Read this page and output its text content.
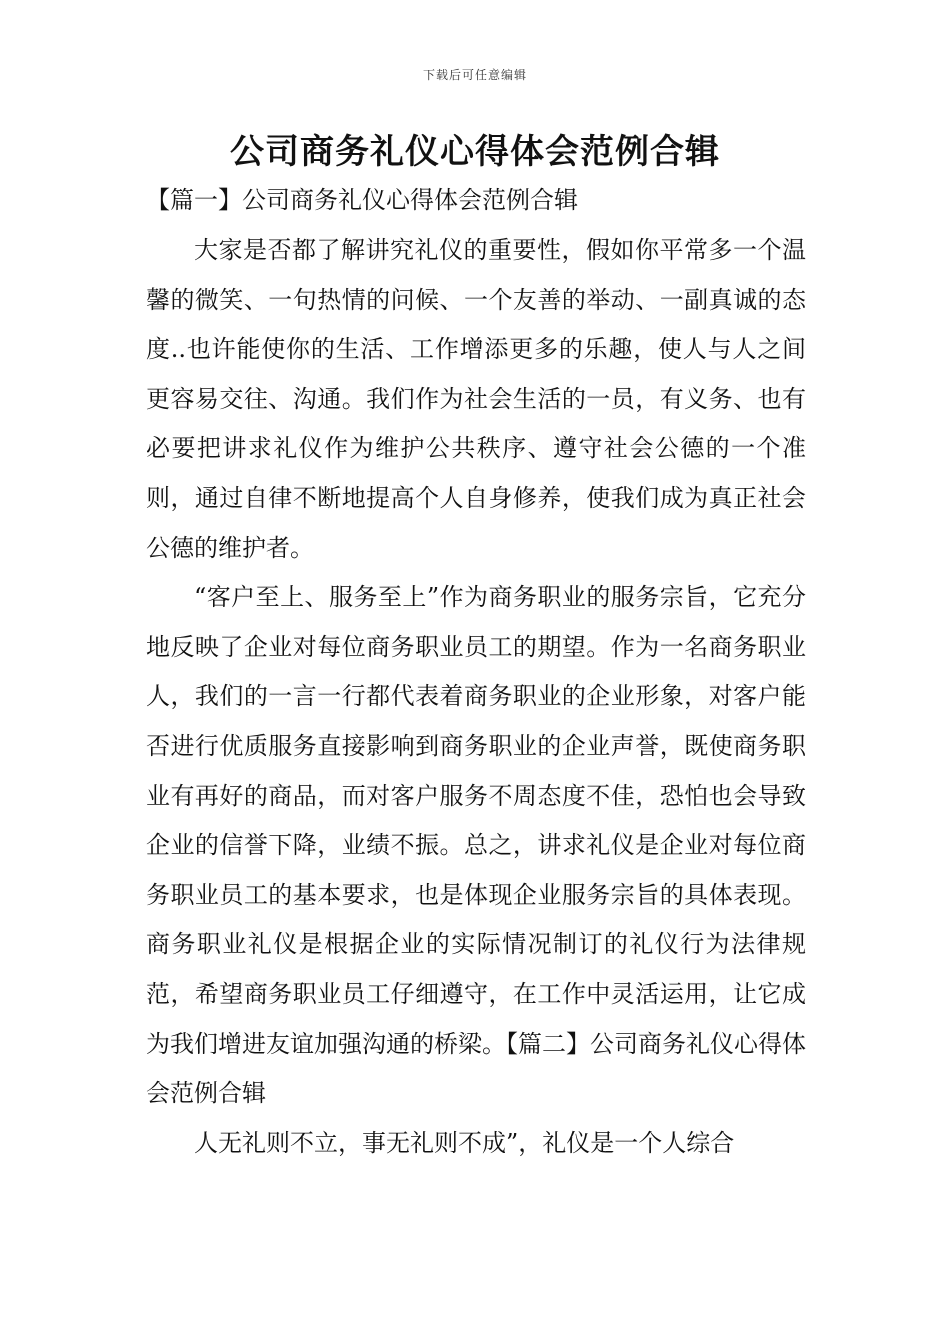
下载后可任意编辑
公司商务礼仪心得体会范例合辑

【篇一】公司商务礼仪心得体会范例合辑

大家是否都了解讲究礼仪的重要性，假如你平常多一个温馨的微笑、一句热情的问候、一个友善的举动、一副真诚的态度..也许能使你的生活、工作增添更多的乐趣，使人与人之间更容易交往、沟通。我们作为社会生活的一员，有义务、也有必要把讲求礼仪作为维护公共秩序、遵守社会公德的一个准则，通过自律不断地提高个人自身修养，使我们成为真正社会公德的维护者。

“客户至上、服务至上”作为商务职业的服务宗旨，它充分地反映了企业对每位商务职业员工的期望。作为一名商务职业人，我们的一言一行都代表着商务职业的企业形象，对客户能否进行优质服务直接影响到商务职业的企业声誉，既使商务职业有再好的商品，而对客户服务不周态度不佳，恐怕也会导致企业的信誉下降，业绩不振。总之，讲求礼仪是企业对每位商务职业员工的基本要求，也是体现企业服务宗旨的具体表现。商务职业礼仪是根据企业的实际情况制订的礼仪行为法律规范，希望商务职业员工仔细遵守，在工作中灵活运用，让它成为我们增进友谊加强沟通的桥梁。【篇二】公司商务礼仪心得体会范例合辑

人无礼则不立，事无礼则不成”，礼仪是一个人综合
